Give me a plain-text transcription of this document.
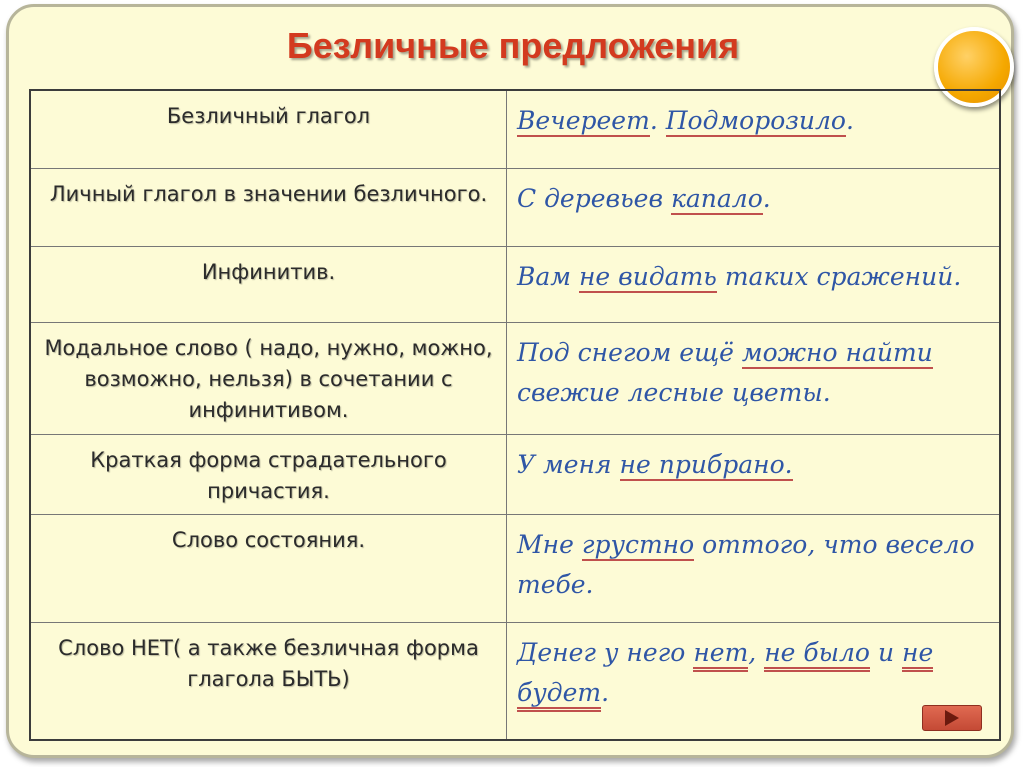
Безличные предложения
Безличный глагол	Вечереет. Подморозило.
Личный глагол в значении безличного.	С деревьев капало.
Инфинитив.	Вам не видать таких сражений.
Модальное слово ( надо, нужно, можно, возможно, нельзя) в сочетании с инфинитивом.	Под снегом ещё можно найти свежие лесные цветы.
Краткая форма страдательного причастия.	У меня не прибрано.
Слово состояния.	Мне грустно оттого, что весело тебе.
Слово НЕТ( а также безличная форма глагола БЫТЬ)	Денег у него нет, не было и не будет.
